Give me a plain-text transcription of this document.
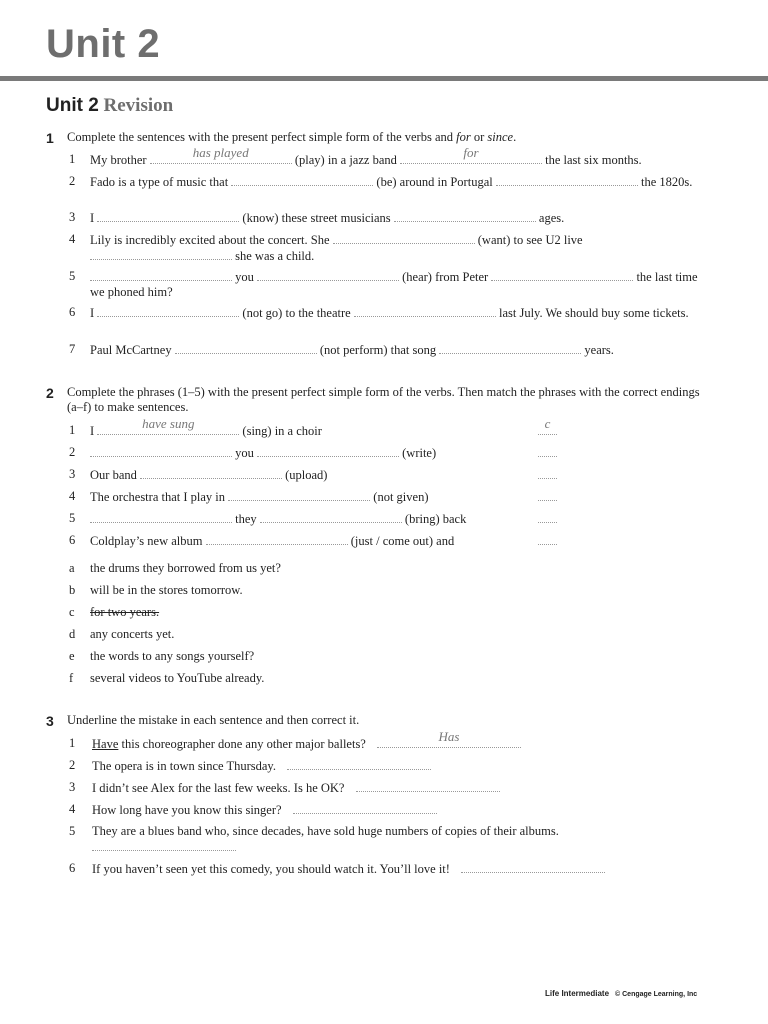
Unit 2
Unit 2 Revision
1 Complete the sentences with the present perfect simple form of the verbs and for or since.
1 My brother	has played	(play) in a jazz band	for	the last six months.
2 Fado is a type of music that	(be) around in Portugal	the 1820s.
3 I	(know) these street musicians	ages.
4 Lily is incredibly excited about the concert. She	(want) to see U2 live
she was a child.
5	you	(hear) from Peter	the last time we phoned him?
6 I	(not go) to the theatre	last July. We should buy some tickets.
7 Paul McCartney	(not perform) that song	years.
2 Complete the phrases (1–5) with the present perfect simple form of the verbs. Then match the phrases with the correct endings (a–f) to make sentences.
1 I	have sung	(sing) in a choir	c
2	you	(write)
3 Our band	(upload)
4 The orchestra that I play in	(not given)
5	they	(bring) back
6 Coldplay’s new album	(just / come out) and
a the drums they borrowed from us yet?
b will be in the stores tomorrow.
c for two years.
d any concerts yet.
e the words to any songs yourself?
f several videos to YouTube already.
3 Underline the mistake in each sentence and then correct it.
1 Have this choreographer done any other major ballets?	Has
2 The opera is in town since Thursday.
3 I didn’t see Alex for the last few weeks. Is he OK?
4 How long have you know this singer?
5 They are a blues band who, since decades, have sold huge numbers of copies of their albums.

6 If you haven’t seen yet this comedy, you should watch it. You’ll love it!
Life Intermediate © Cengage Learning, Inc
